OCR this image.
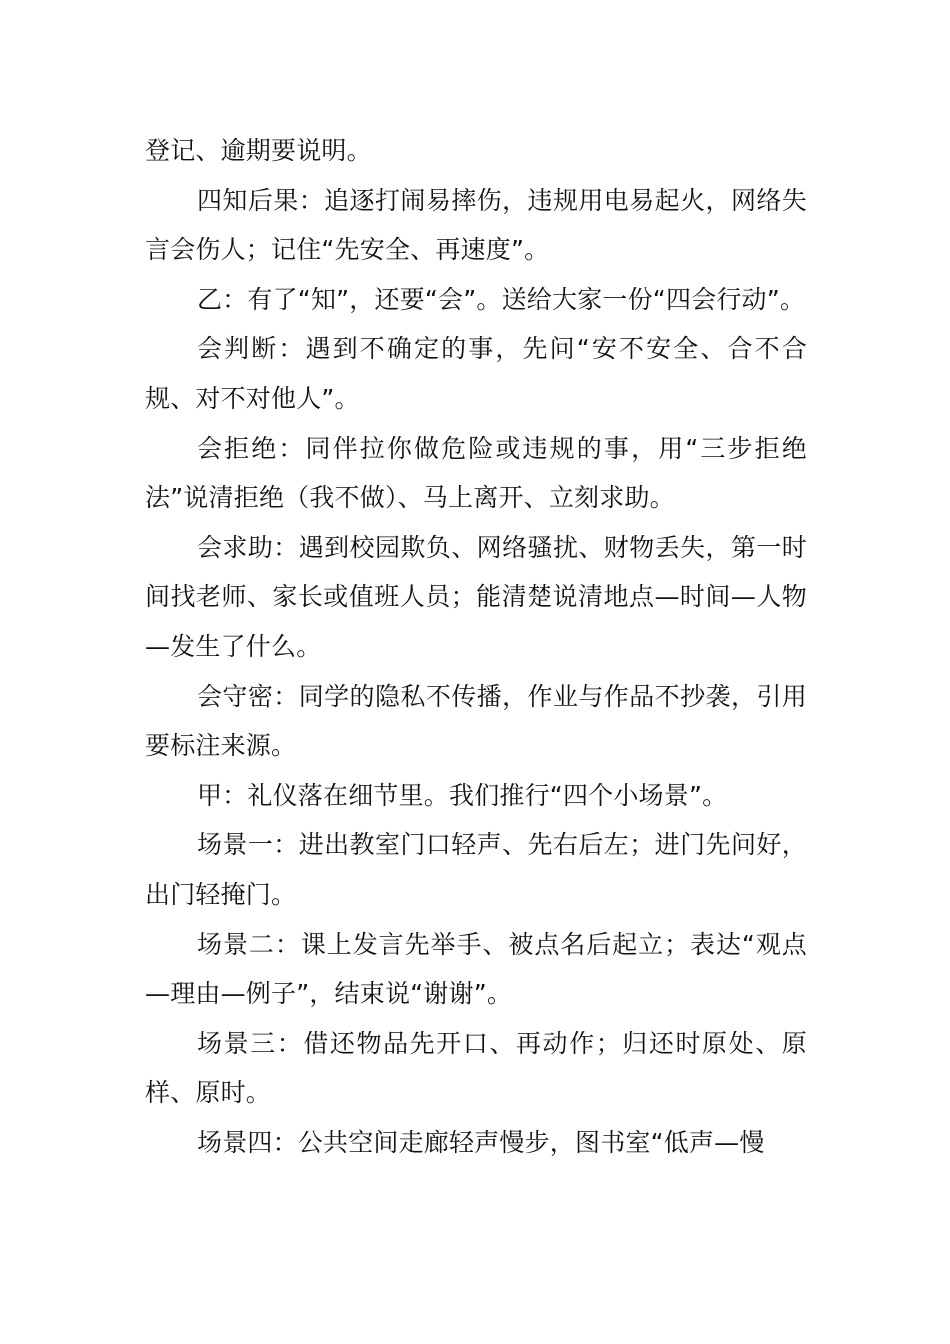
登记、逾期要说明。

四知后果：追逐打闹易摔伤，违规用电易起火，网络失言会伤人；记住“先安全、再速度”。

乙：有了“知”，还要“会”。送给大家一份“四会行动”。

会判断：遇到不确定的事，先问“安不安全、合不合规、对不对他人”。

会拒绝：同伴拉你做危险或违规的事，用“三步拒绝法”说清拒绝（我不做）、马上离开、立刻求助。

会求助：遇到校园欺负、网络骚扰、财物丢失，第一时间找老师、家长或值班人员；能清楚说清地点—时间—人物—发生了什么。

会守密：同学的隐私不传播，作业与作品不抄袭，引用要标注来源。

甲：礼仪落在细节里。我们推行“四个小场景”。

场景一：进出教室门口轻声、先右后左；进门先问好，出门轻掩门。

场景二：课上发言先举手、被点名后起立；表达“观点—理由—例子”，结束说“谢谢”。

场景三：借还物品先开口、再动作；归还时原处、原样、原时。

场景四：公共空间走廊轻声慢步，图书室“低声—慢
